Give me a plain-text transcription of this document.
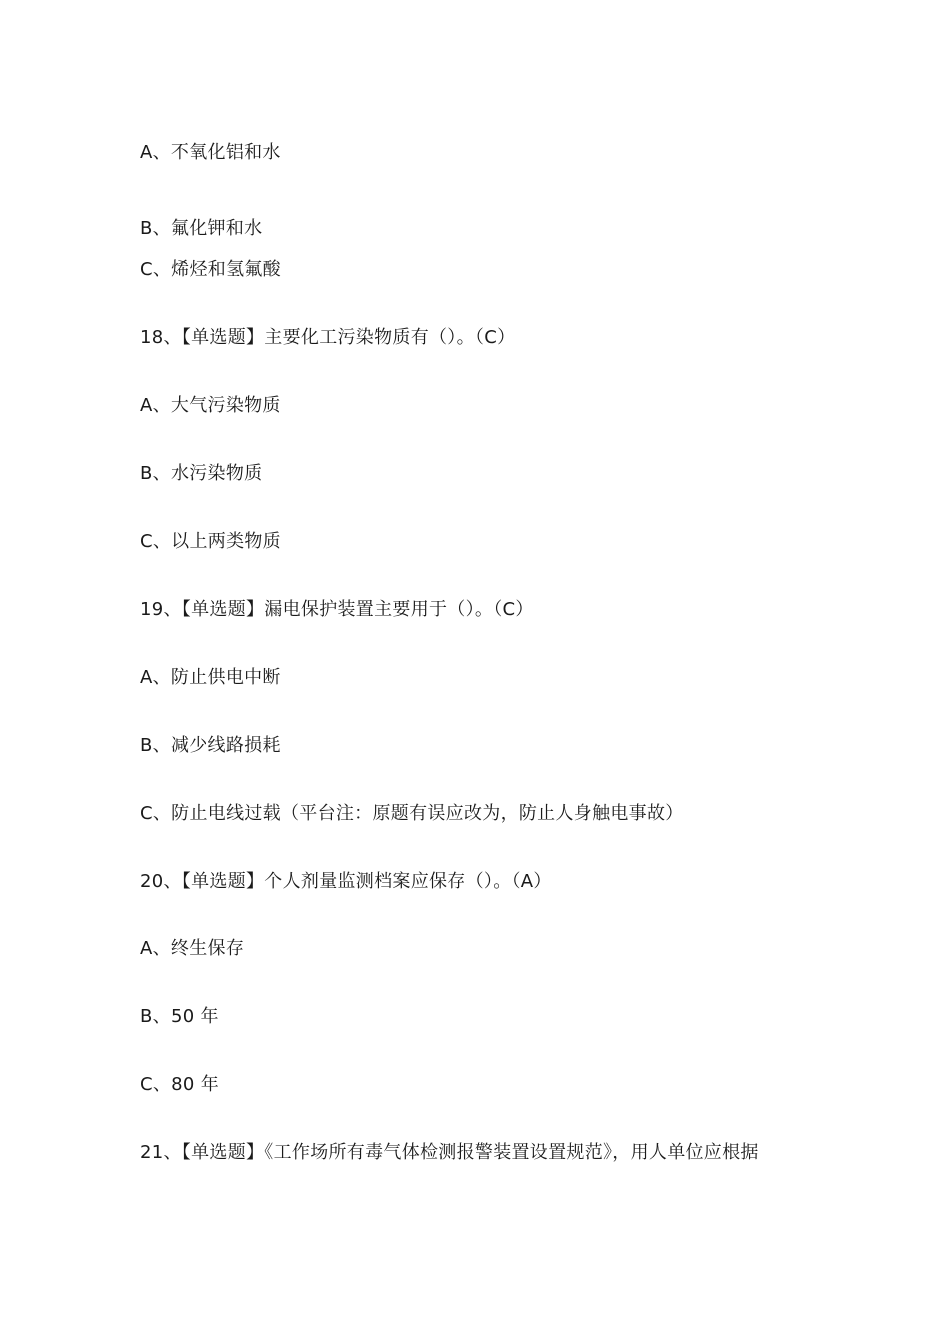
A、不氧化铝和水
B、氟化钾和水
C、烯烃和氢氟酸
18、【单选题】主要化工污染物质有（）。（C）
A、大气污染物质
B、水污染物质
C、以上两类物质
19、【单选题】漏电保护装置主要用于（）。（C）
A、防止供电中断
B、减少线路损耗
C、防止电线过载（平台注：原题有误应改为，防止人身触电事故）
20、【单选题】个人剂量监测档案应保存（）。（A）
A、终生保存
B、50 年
C、80 年
21、【单选题】《工作场所有毒气体检测报警装置设置规范》，用人单位应根据
